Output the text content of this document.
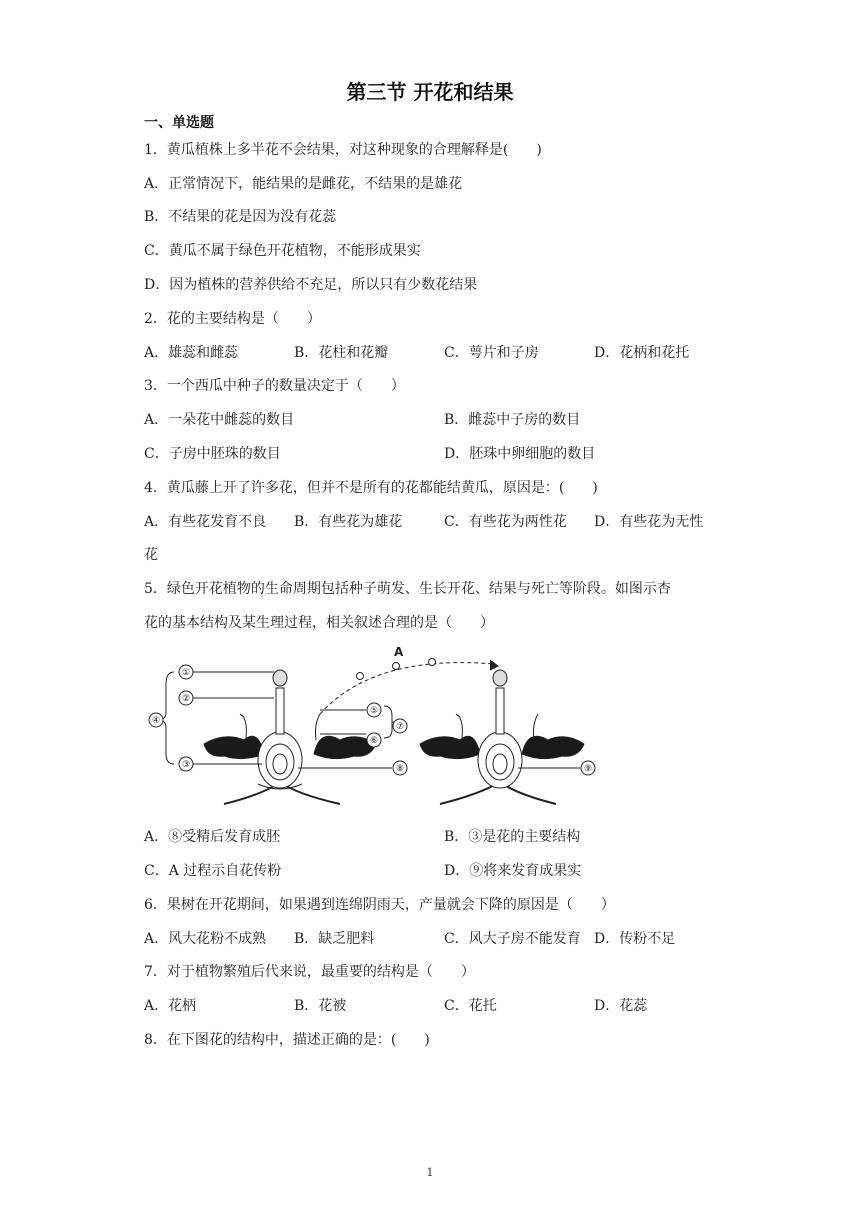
第三节 开花和结果
一、单选题
1．黄瓜植株上多半花不会结果，对这种现象的合理解释是(　　)
A．正常情况下，能结果的是雌花，不结果的是雄花
B．不结果的花是因为没有花蕊
C．黄瓜不属于绿色开花植物，不能形成果实
D．因为植株的营养供给不充足，所以只有少数花结果
2．花的主要结构是（　　）
A．雄蕊和雌蕊	B．花柱和花瓣	C．萼片和子房	D．花柄和花托
3．一个西瓜中种子的数量决定于（　　）
A．一朵花中雌蕊的数目	B．雌蕊中子房的数目
C．子房中胚珠的数目	D．胚珠中卵细胞的数目
4．黄瓜藤上开了许多花，但并不是所有的花都能结黄瓜，原因是：(　　)
A．有些花发育不良 B．有些花为雄花	C．有些花为两性花 D．有些花为无性
花
5．绿色开花植物的生命周期包括种子萌发、生长开花、结果与死亡等阶段。如图示杏
花的基本结构及某生理过程，相关叙述合理的是（　　）
①
②
③
④
⑤
⑥
⑦
⑧
A
⑨
A．⑧受精后发育成胚	B．③是花的主要结构
C．A 过程示自花传粉	D．⑨将来发育成果实
6．果树在开花期间，如果遇到连绵阴雨天，产量就会下降的原因是（　　）
A．风大花粉不成熟 B．缺乏肥料	C．风大子房不能发育 D．传粉不足
7．对于植物繁殖后代来说，最重要的结构是（　　）
A．花柄	B．花被	C．花托	D．花蕊
8．在下图花的结构中，描述正确的是：(　　)
1
